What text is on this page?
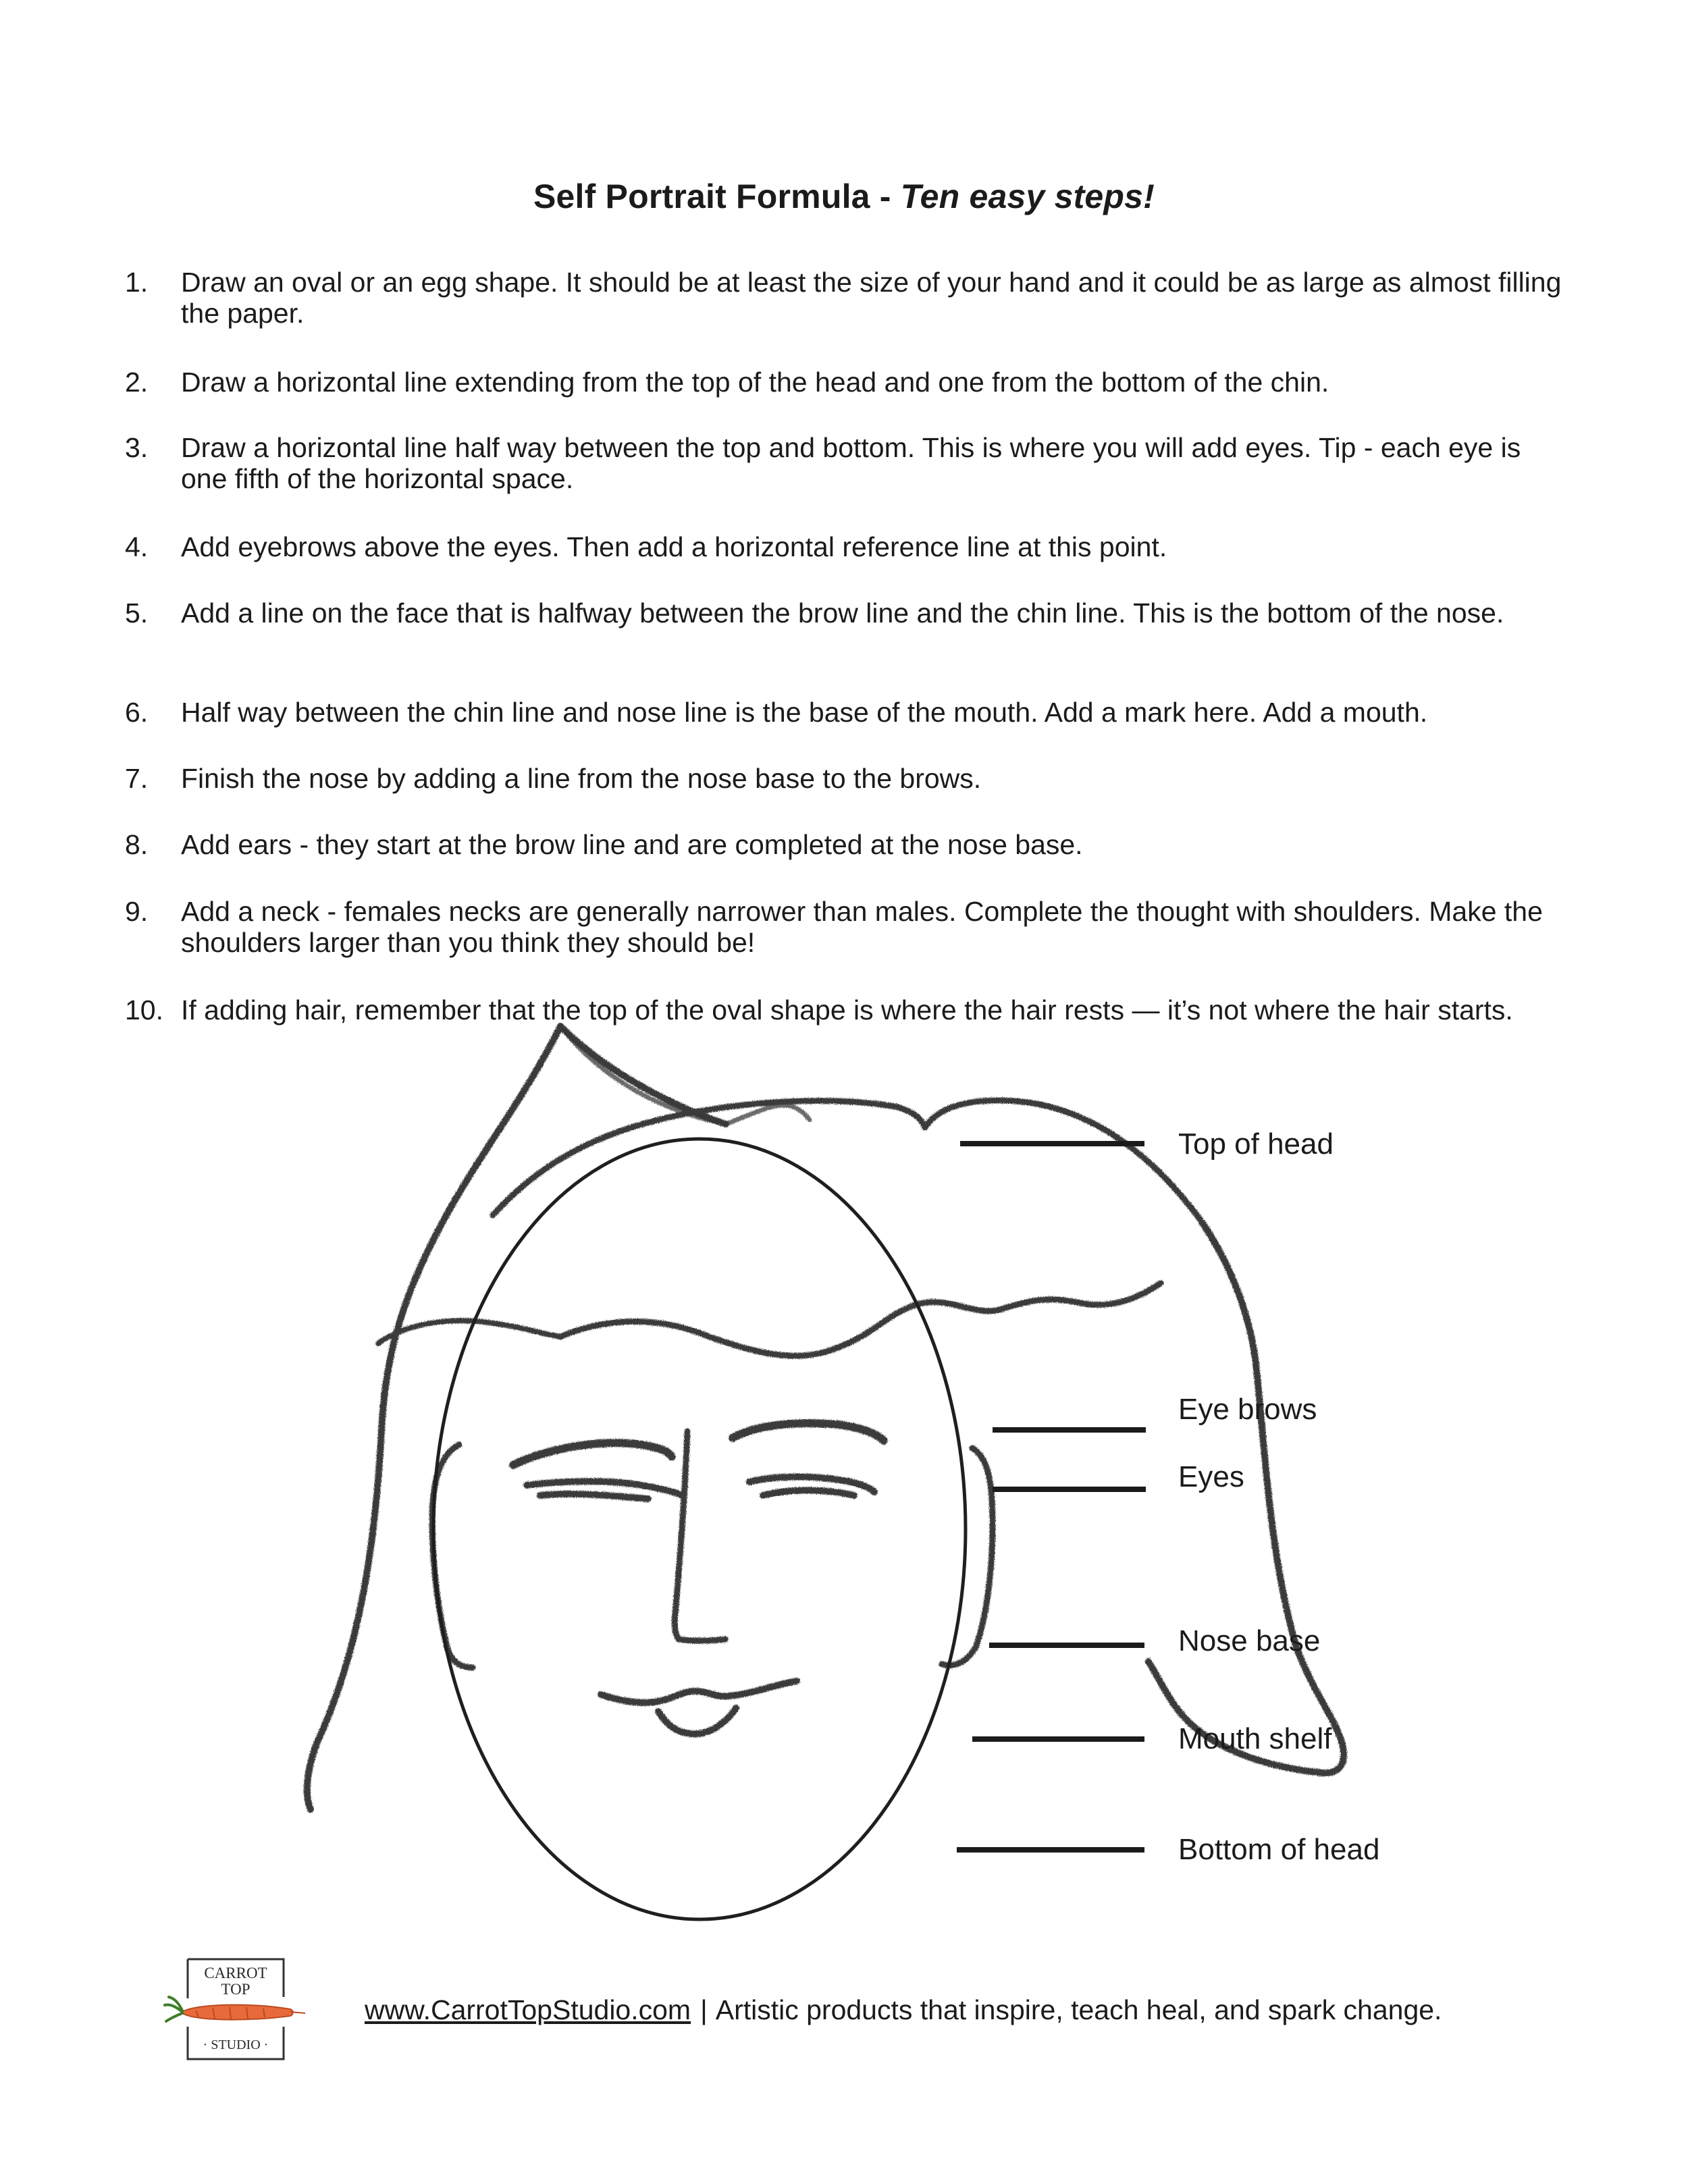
Self Portrait Formula - Ten easy steps!
1.	Draw an oval or an egg shape. It should be at least the size of your hand and it could be as large as almost filling the paper.
2.	Draw a horizontal line extending from the top of the head and one from the bottom of the chin.
3.	Draw a horizontal line half way between the top and bottom. This is where you will add eyes. Tip - each eye is one fifth of the horizontal space.
4.	Add eyebrows above the eyes. Then add a horizontal reference line at this point.
5.	Add a line on the face that is halfway between the brow line and the chin line. This is the bottom of the nose.
6.	Half way between the chin line and nose line is the base of the mouth. Add a mark here. Add a mouth.
7.	Finish the nose by adding a line from the nose base to the brows.
8.	Add ears - they start at the brow line and are completed at the nose base.
9.	Add a neck - females necks are generally narrower than males. Complete the thought with shoulders. Make the shoulders larger than you think they should be!
10. If adding hair, remember that the top of the oval shape is where the hair rests — it’s not where the hair starts.
Top of head
Eye brows
Eyes
Nose base
Mouth shelf
Bottom of head
CARROT
TOP
· STUDIO ·
www.CarrotTopStudio.com | Artistic products that inspire, teach heal, and spark change.
